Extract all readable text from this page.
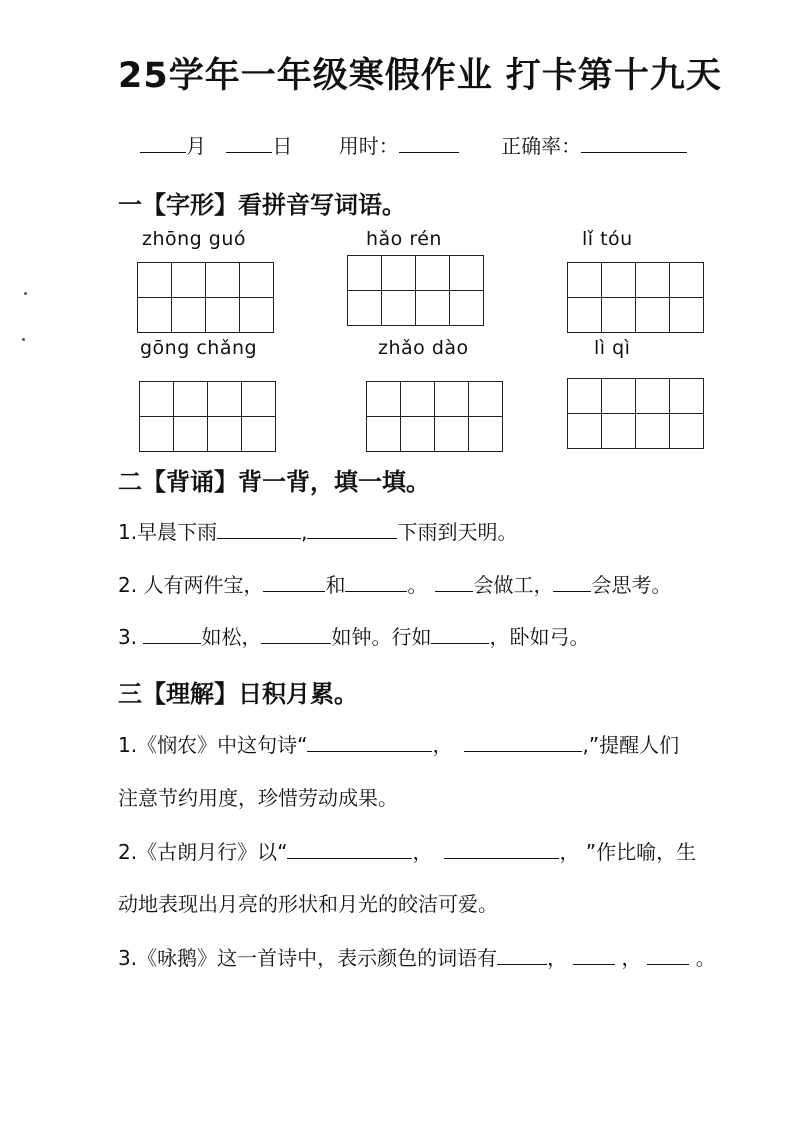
25学年一年级寒假作业 打卡第十九天
月	日 用时：	正确率：
一【字形】看拼音写词语。
zhōng guó	hǎo rén	lǐ tóu
gōng chǎng	zhǎo dào	lì qì
二【背诵】背一背，填一填。
1.早晨下雨	,	下雨到天明。
2. 人有两件宝，	和	。 会做工， 会思考。
3.	如松，	如钟。行如	，卧如弓。
三【理解】日积月累。
1.《悯农》中这句诗“	，	,”提醒人们
注意节约用度，珍惜劳动成果。
2.《古朗月行》以“	，	， ”作比喻，生
动地表现出月亮的形状和月光的皎洁可爱。
3.《咏鹅》这一首诗中，表示颜色的词语有	， ， 。
